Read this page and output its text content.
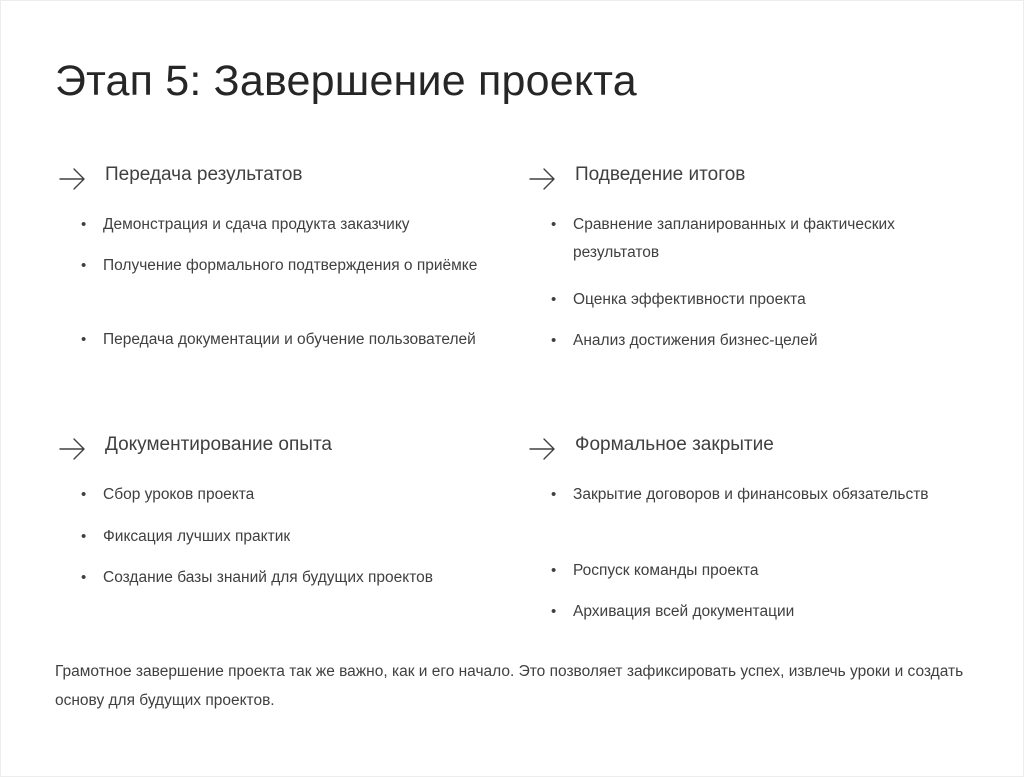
Этап 5: Завершение проекта
Передача результатов
• Демонстрация и сдача продукта заказчику
• Получение формального подтверждения о приёмке
• Передача документации и обучение пользователей
Подведение итогов
• Сравнение запланированных и фактических результатов
• Оценка эффективности проекта
• Анализ достижения бизнес-целей
Документирование опыта
• Сбор уроков проекта
• Фиксация лучших практик
• Создание базы знаний для будущих проектов
Формальное закрытие
• Закрытие договоров и финансовых обязательств
• Роспуск команды проекта
• Архивация всей документации

Грамотное завершение проекта так же важно, как и его начало. Это позволяет зафиксировать успех, извлечь уроки и создать основу для будущих проектов.
